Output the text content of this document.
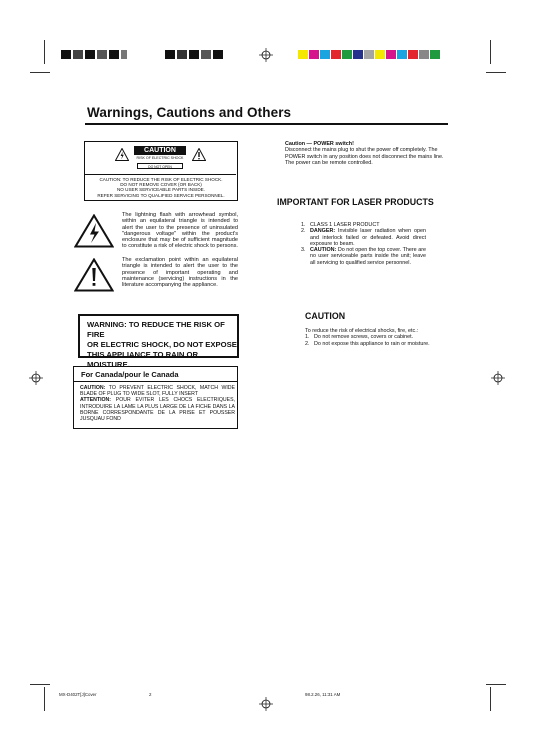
Warnings, Cautions and Others
CAUTION
RISK OF ELECTRIC SHOCK
DO NOT OPEN
CAUTION: TO REDUCE THE RISK OF ELECTRIC SHOCK.
DO NOT REMOVE COVER (OR BACK)
NO USER SERVICEABLE PARTS INSIDE.
REFER SERVICING TO QUALIFIED SERVICE PERSONNEL.
The lightning flash with arrowhead symbol, within an equilateral triangle is intended to alert the user to the presence of uninsulated "dangerous voltage" within the product's enclosure that may be of sufficient magnitude to constitute a risk of electric shock to persons.
The exclamation point within an equilateral triangle is intended to alert the user to the presence of important operating and maintenance (servicing) instructions in the literature accompanying the appliance.
WARNING: TO REDUCE THE RISK OF FIRE
OR ELECTRIC SHOCK, DO NOT EXPOSE
THIS APPLIANCE TO RAIN OR MOISTURE.
For Canada/pour le Canada
CAUTION: TO PREVENT ELECTRIC SHOCK, MATCH WIDE BLADE OF PLUG TO WIDE SLOT, FULLY INSERT
ATTENTION: POUR EVITER LES CHOCS ELECTRIQUES, INTRODUIRE LA LAME LA PLUS LARGE DE LA FICHE DANS LA BORNE CORRESPONDANTE DE LA PRISE ET POUSSER JUSQUAU FOND
Caution — POWER switch!
Disconnect the mains plug to shut the power off completely. The POWER switch in any position does not disconnect the mains line. The power can be remote controlled.
IMPORTANT FOR LASER PRODUCTS
1. CLASS 1 LASER PRODUCT
2. DANGER: Invisible laser radiation when open and interlock failed or defeated. Avoid direct exposure to beam.
3. CAUTION: Do not open the top cover. There are no user serviceable parts inside the unit; leave all servicing to qualified service personnel.
CAUTION
To reduce the risk of electrical shocks, fire, etc.:
1. Do not remove screws, covers or cabinet.
2. Do not expose this appliance to rain or moisture.
MX-D402T[J]Cover	2	98.2.26, 11:31 AM
